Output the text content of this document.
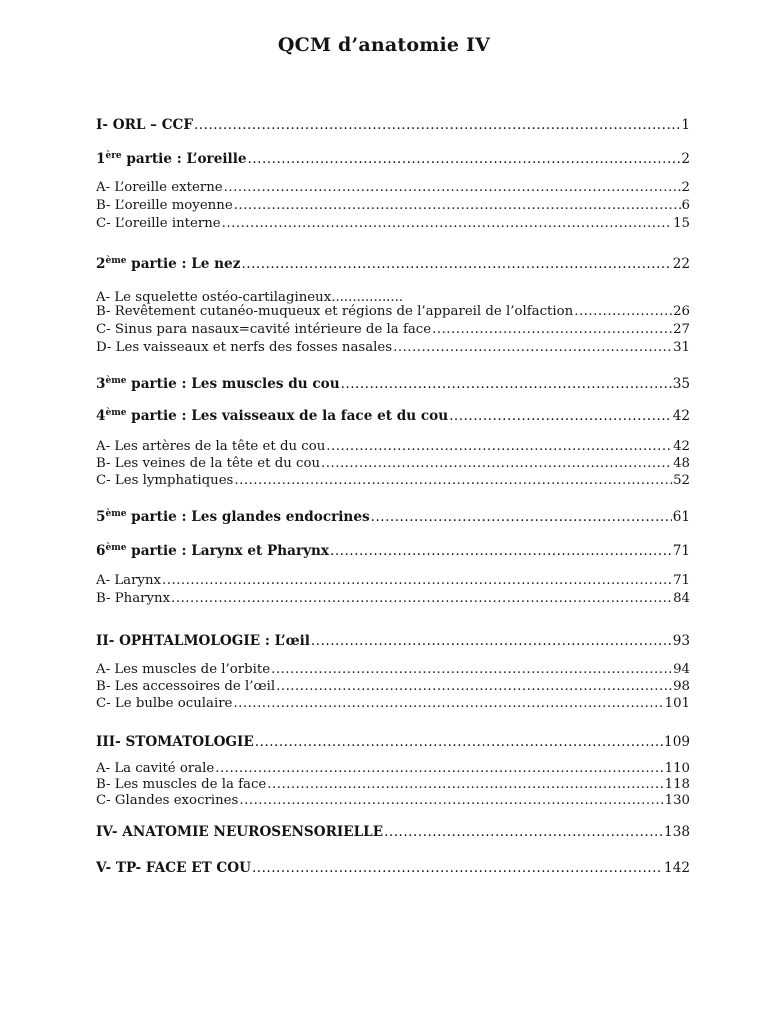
QCM d’anatomie IV
I- ORL – CCF .....	1
1ère partie : L’oreille .....	2
A- L’oreille externe .....	2
B- L’oreille moyenne .....	6
C- L’oreille interne .....	15
2ème partie : Le nez .....	22
A- Le squelette ostéo-cartilagineux .................
B- Revêtement cutanéo-muqueux et régions de l’appareil de l’olfaction .....	26
C- Sinus para nasaux=cavité intérieure de la face .....	27
D- Les vaisseaux et nerfs des fosses nasales .....	31
3ème partie : Les muscles du cou .....	35
4ème partie : Les vaisseaux de la face et du cou .....	42
A- Les artères de la tête et du cou .....	42
B- Les veines de la tête et du cou .....	48
C- Les lymphatiques .....	52
5ème partie : Les glandes endocrines .....	61
6ème partie : Larynx et Pharynx .....	71
A- Larynx .....	71
B- Pharynx .....	84
II- OPHTALMOLOGIE : L’œil .....	93
A- Les muscles de l’orbite .....	94
B- Les accessoires de l’œil .....	98
C- Le bulbe oculaire .....	101
III- STOMATOLOGIE .....	109
A- La cavité orale .....	110
B- Les muscles de la face .....	118
C- Glandes exocrines .....	130
IV- ANATOMIE NEUROSENSORIELLE .....	138
V- TP- FACE ET COU .....	142
